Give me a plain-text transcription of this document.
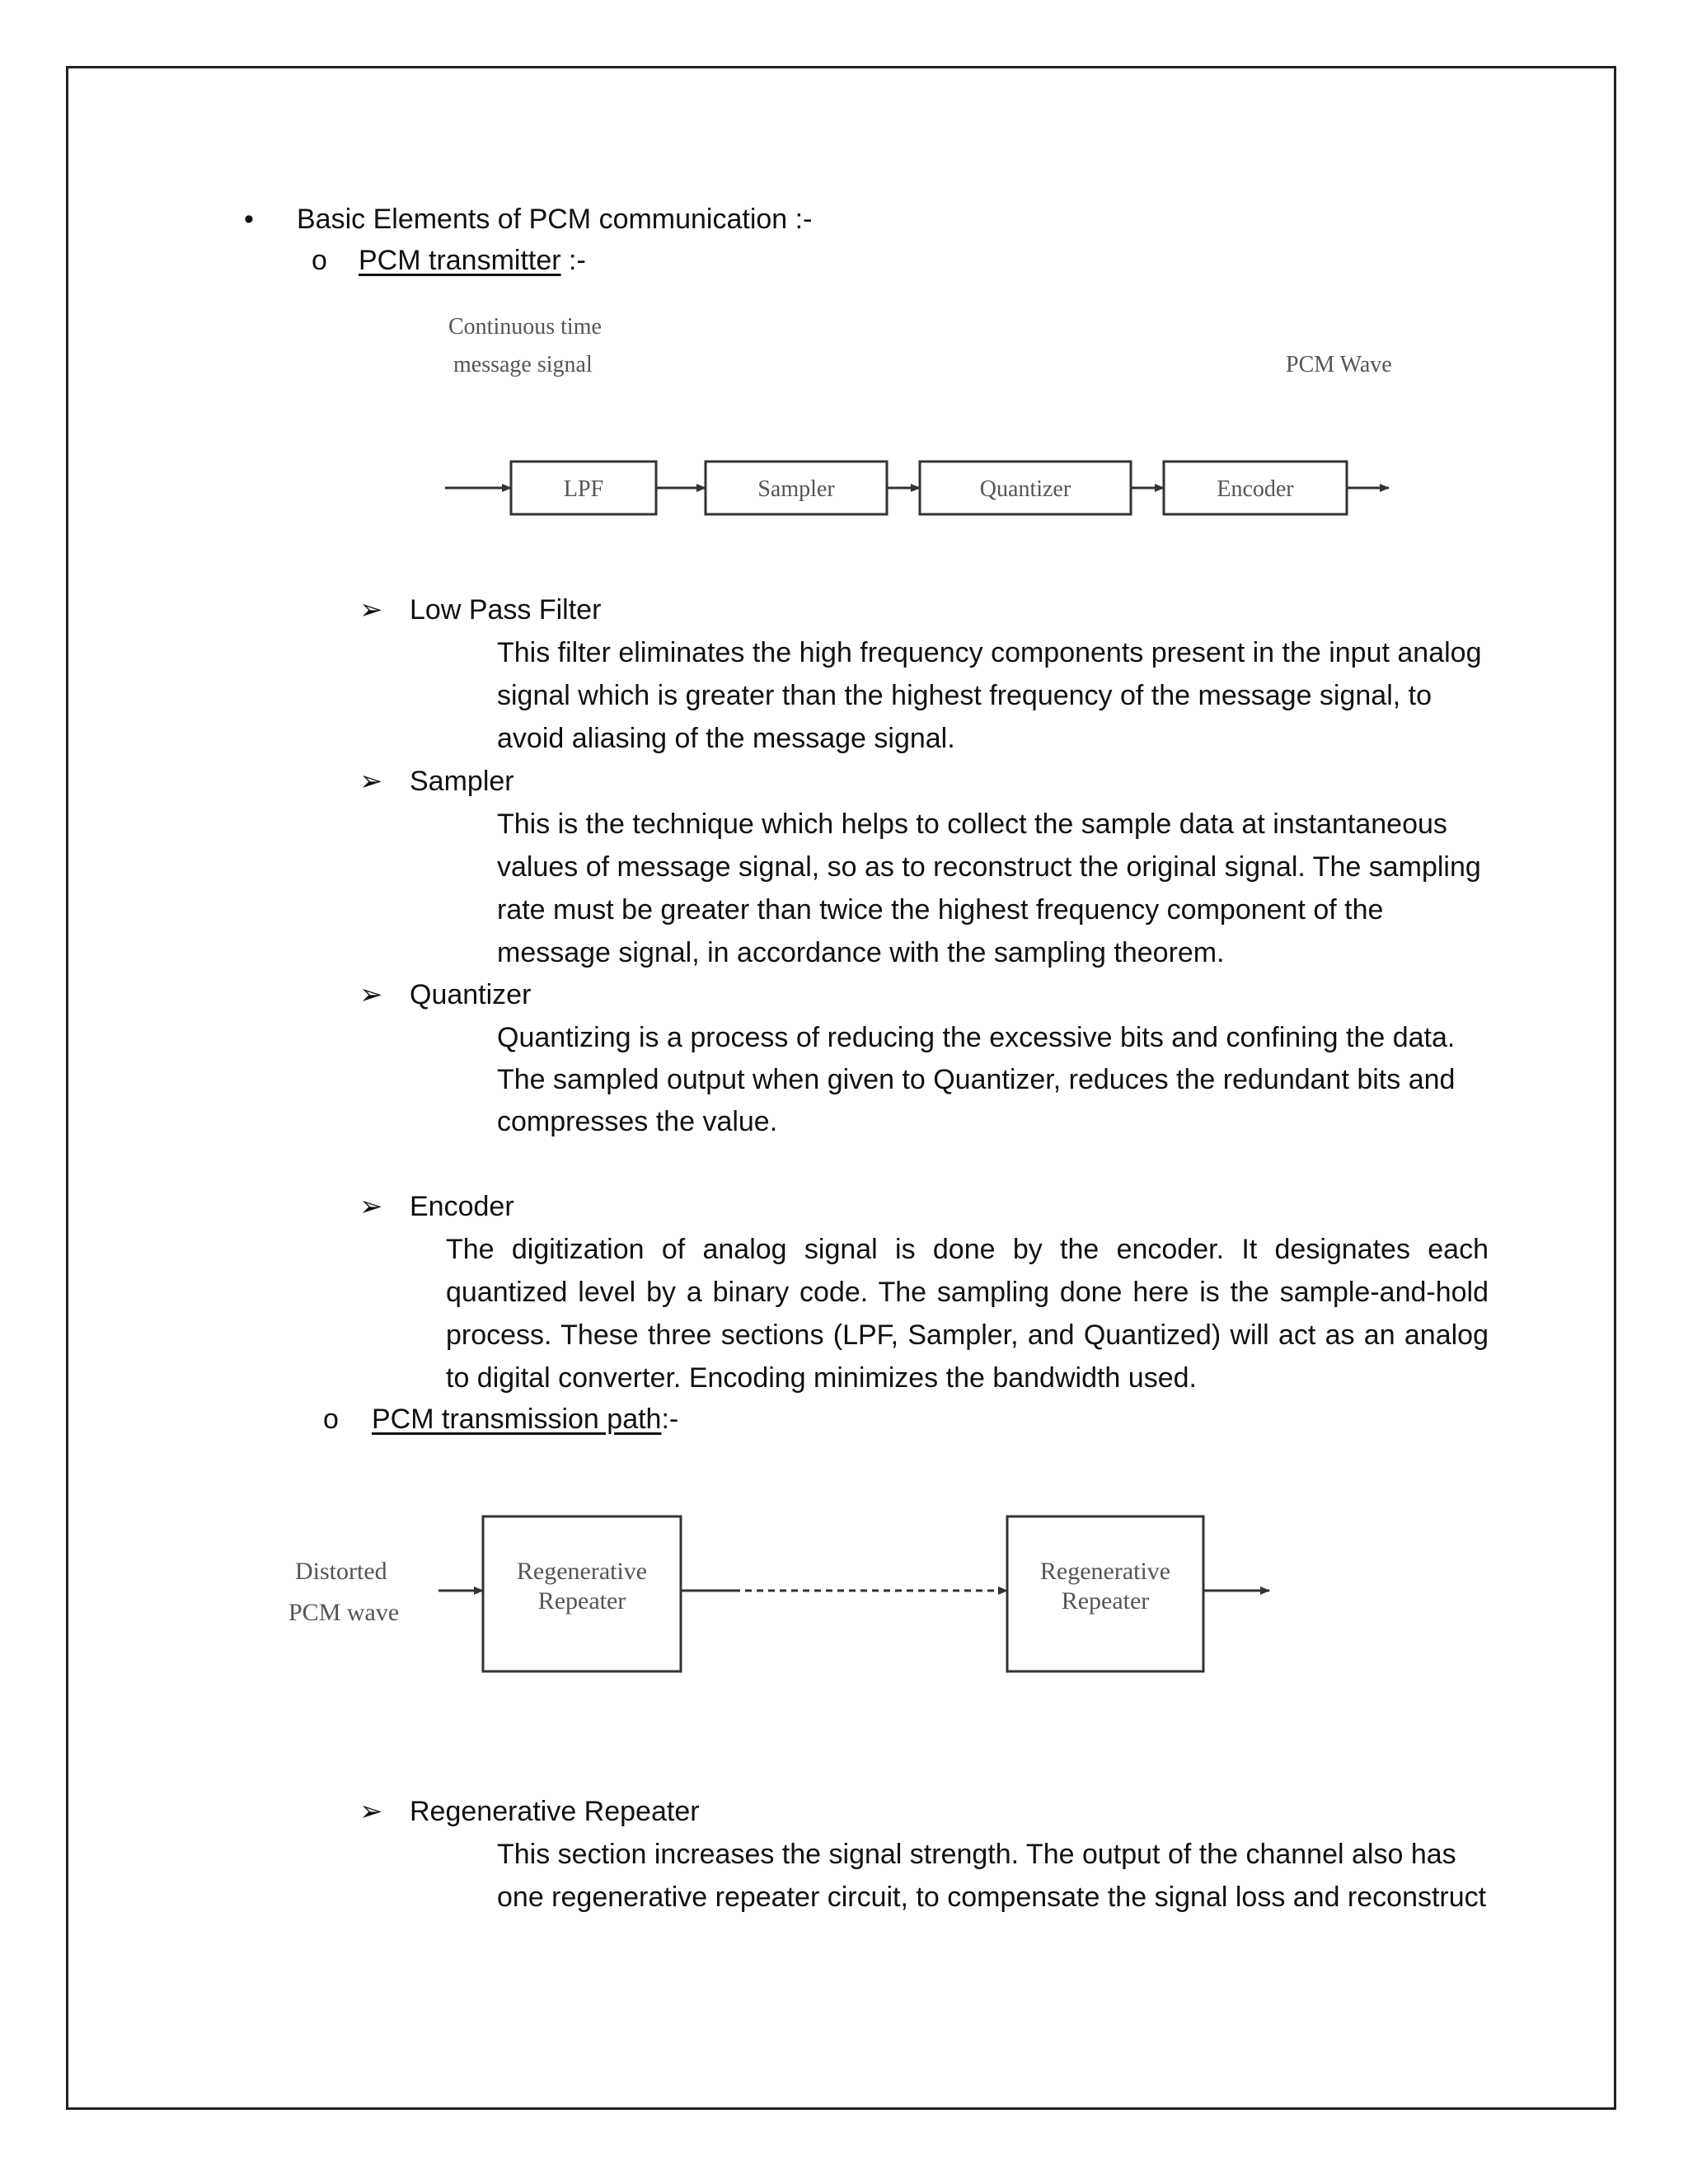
• Basic Elements of PCM communication :-
o PCM transmitter :-
Continuous time
message signal	PCM Wave
LPF	Sampler	Quantizer	Encoder
➢ Low Pass Filter
This filter eliminates the high frequency components present in the input analog
signal which is greater than the highest frequency of the message signal, to
avoid aliasing of the message signal.
➢ Sampler
This is the technique which helps to collect the sample data at instantaneous
values of message signal, so as to reconstruct the original signal. The sampling
rate must be greater than twice the highest frequency component of the
message signal, in accordance with the sampling theorem.
➢ Quantizer
Quantizing is a process of reducing the excessive bits and confining the data.
The sampled output when given to Quantizer, reduces the redundant bits and
compresses the value.
➢ Encoder
The digitization of analog signal is done by the encoder. It designates each quantized level by a binary code. The sampling done here is the sample-and-hold process. These three sections (LPF, Sampler, and Quantized) will act as an analog to digital converter. Encoding minimizes the bandwidth used.
o PCM transmission path:-
Distorted
PCM wave
Regenerative
Repeater
Regenerative
Repeater
➢ Regenerative Repeater
This section increases the signal strength. The output of the channel also has
one regenerative repeater circuit, to compensate the signal loss and reconstruct
